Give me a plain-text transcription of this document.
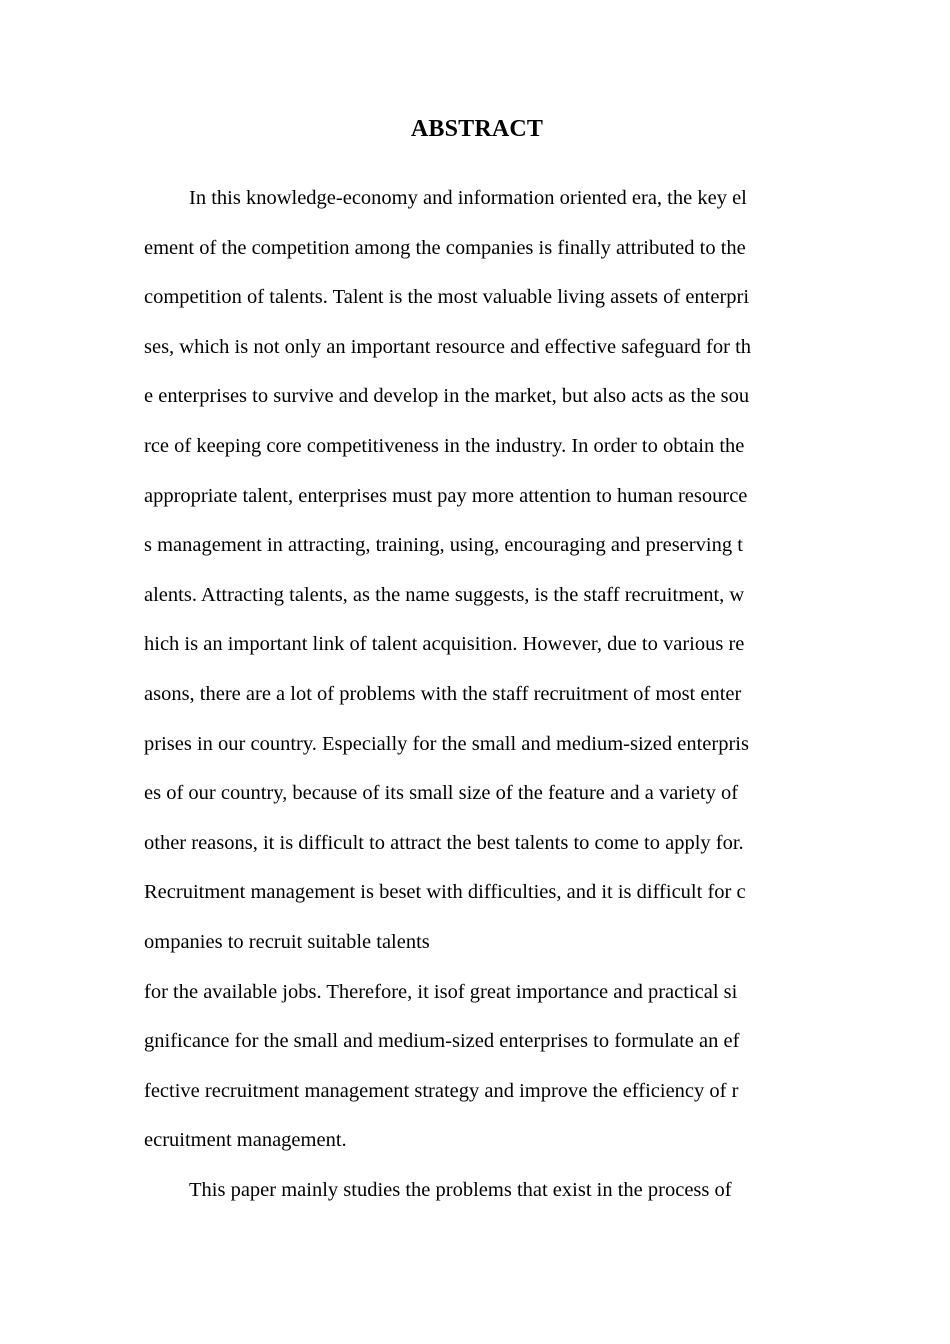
ABSTRACT
In this knowledge-economy and information oriented era, the key el
ement of the competition among the companies is finally attributed to the
competition of talents. Talent is the most valuable living assets of enterpri
ses, which is not only an important resource and effective safeguard for th
e enterprises to survive and develop in the market, but also acts as the sou
rce of keeping core competitiveness in the industry. In order to obtain the
appropriate talent, enterprises must pay more attention to human resource
s management in attracting, training, using, encouraging and preserving t
alents. Attracting talents, as the name suggests, is the staff recruitment, w
hich is an important link of talent acquisition. However, due to various re
asons, there are a lot of problems with the staff recruitment of most enter
prises in our country. Especially for the small and medium-sized enterpris
es of our country, because of its small size of the feature and a variety of
other reasons, it is difficult to attract the best talents to come to apply for.
Recruitment management is beset with difficulties, and it is difficult for c
ompanies to recruit suitable talents
for the available jobs. Therefore, it isof great importance and practical si
gnificance for the small and medium-sized enterprises to formulate an ef
fective recruitment management strategy and improve the efficiency of r
ecruitment management.
This paper mainly studies the problems that exist in the process of
